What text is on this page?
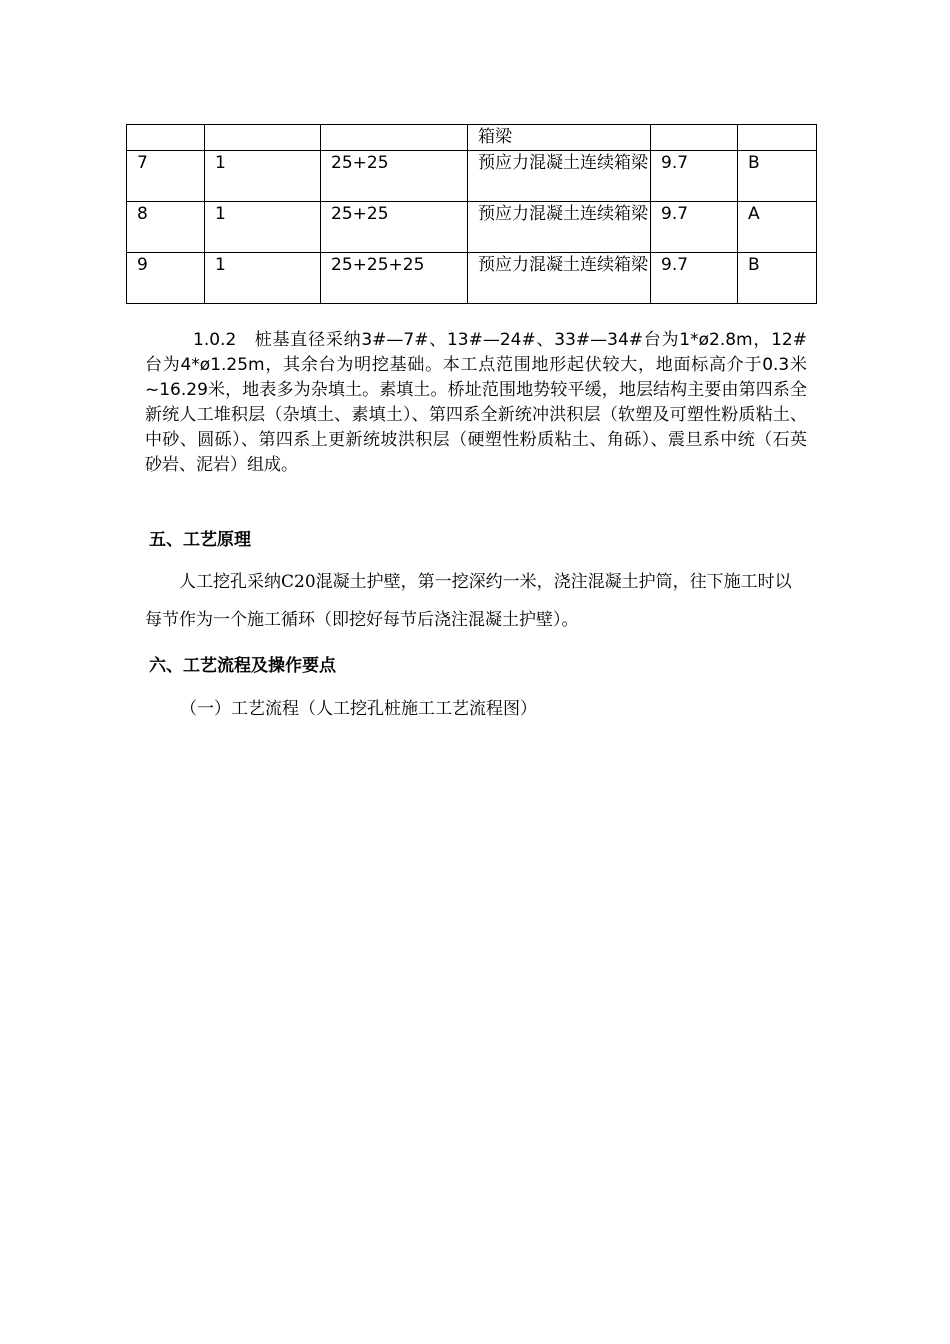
			箱梁		
7	1	25+25	预应力混凝土连续箱梁	9.7	B
8	1	25+25	预应力混凝土连续箱梁	9.7	A
9	1	25+25+25	预应力混凝土连续箱梁	9.7	B

1.0.2　桩基直径采纳3#—7#、13#—24#、33#—34#台为1*ø2.8m，12#台为4*ø1.25m，其余台为明挖基础。本工点范围地形起伏较大，地面标高介于0.3米~16.29米，地表多为杂填土。素填土。桥址范围地势较平缓，地层结构主要由第四系全新统人工堆积层（杂填土、素填土）、第四系全新统冲洪积层（软塑及可塑性粉质粘土、中砂、圆砾）、第四系上更新统坡洪积层（硬塑性粉质粘土、角砾）、震旦系中统（石英砂岩、泥岩）组成。

五、工艺原理

人工挖孔采纳C20混凝土护壁，第一挖深约一米，浇注混凝土护筒，往下施工时以每节作为一个施工循环（即挖好每节后浇注混凝土护壁）。

六、工艺流程及操作要点

（一）工艺流程（人工挖孔桩施工工艺流程图）
